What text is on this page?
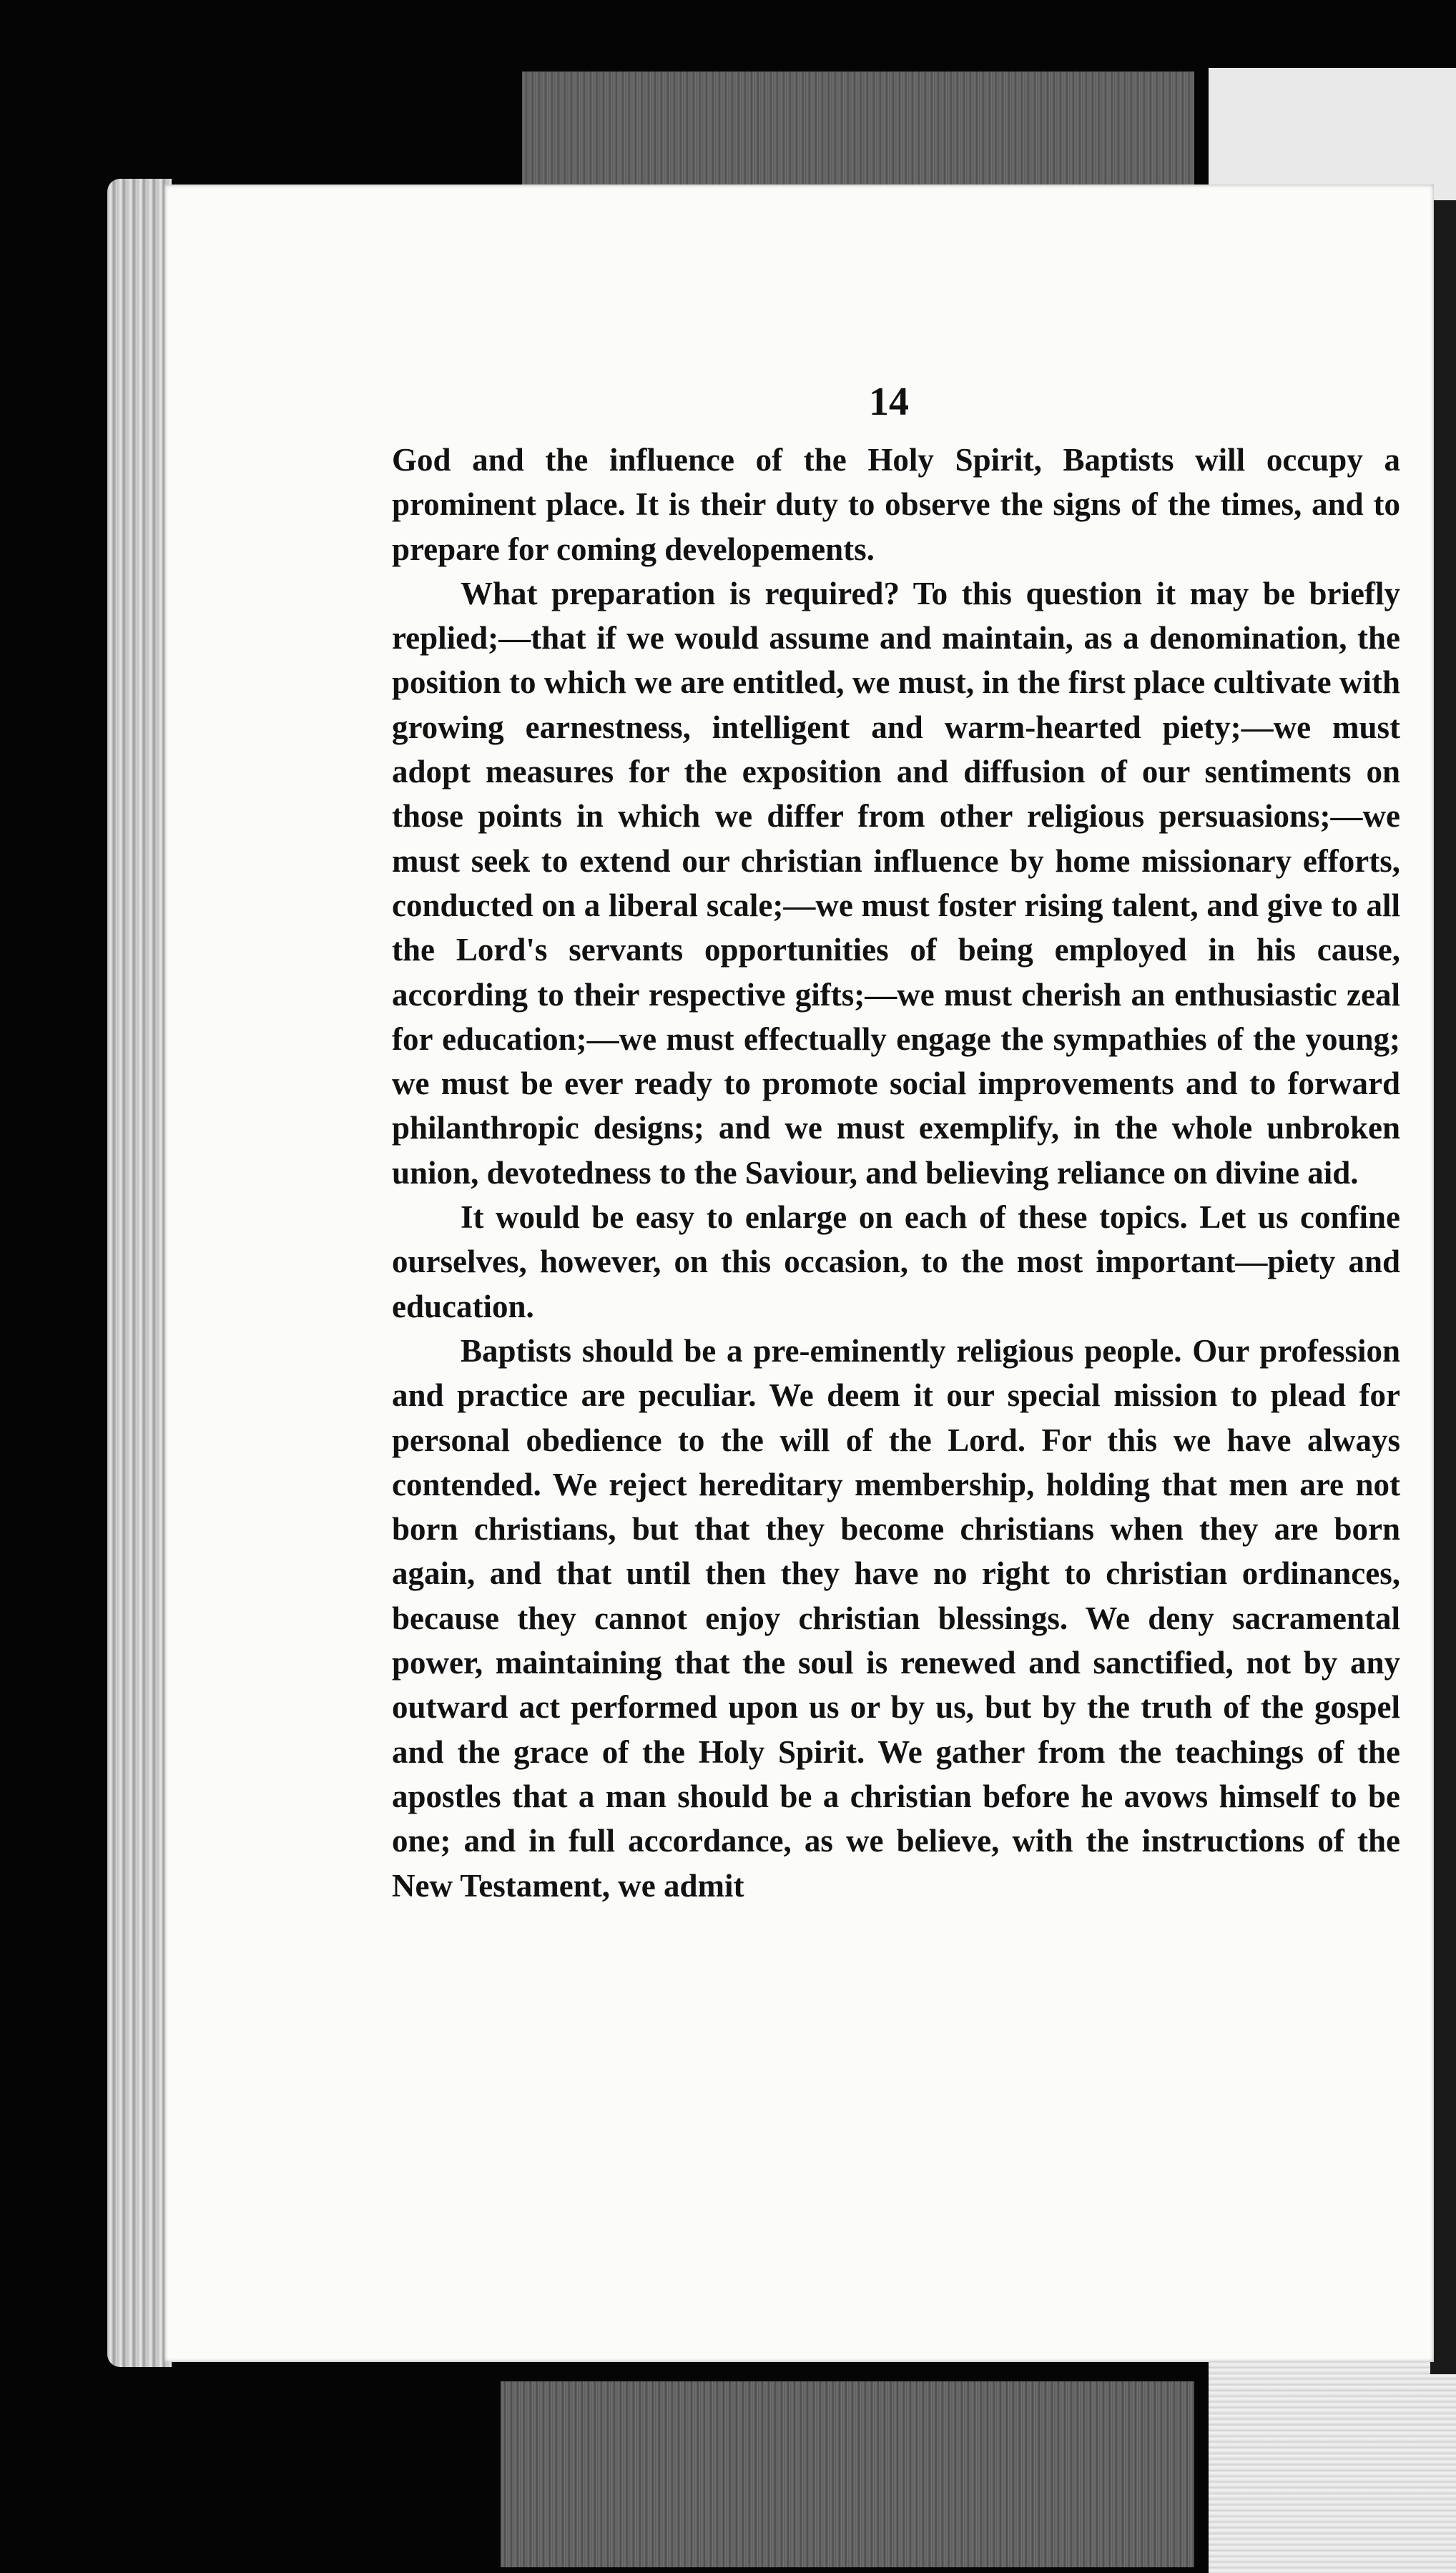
14

God and the influence of the Holy Spirit, Baptists will occupy a prominent place. It is their duty to observe the signs of the times, and to prepare for coming developements.

What preparation is required? To this question it may be briefly replied;—that if we would assume and maintain, as a denomination, the position to which we are entitled, we must, in the first place cultivate with growing earnestness, intelligent and warm-hearted piety;—we must adopt measures for the exposition and diffusion of our sentiments on those points in which we differ from other religious persuasions;—we must seek to extend our christian influence by home missionary efforts, conducted on a liberal scale;—we must foster rising talent, and give to all the Lord's servants opportunities of being employed in his cause, according to their respective gifts;—we must cherish an enthusiastic zeal for education;—we must effectually engage the sympathies of the young; we must be ever ready to promote social improvements and to forward philanthropic designs; and we must exemplify, in the whole unbroken union, devotedness to the Saviour, and believing reliance on divine aid.

It would be easy to enlarge on each of these topics. Let us confine ourselves, however, on this occasion, to the most important—piety and education.

Baptists should be a pre-eminently religious people. Our profession and practice are peculiar. We deem it our special mission to plead for personal obedience to the will of the Lord. For this we have always contended. We reject hereditary membership, holding that men are not born christians, but that they become christians when they are born again, and that until then they have no right to christian ordinances, because they cannot enjoy christian blessings. We deny sacramental power, maintaining that the soul is renewed and sanctified, not by any outward act performed upon us or by us, but by the truth of the gospel and the grace of the Holy Spirit. We gather from the teachings of the apostles that a man should be a christian before he avows himself to be one; and in full accordance, as we believe, with the instructions of the New Testament, we admit
